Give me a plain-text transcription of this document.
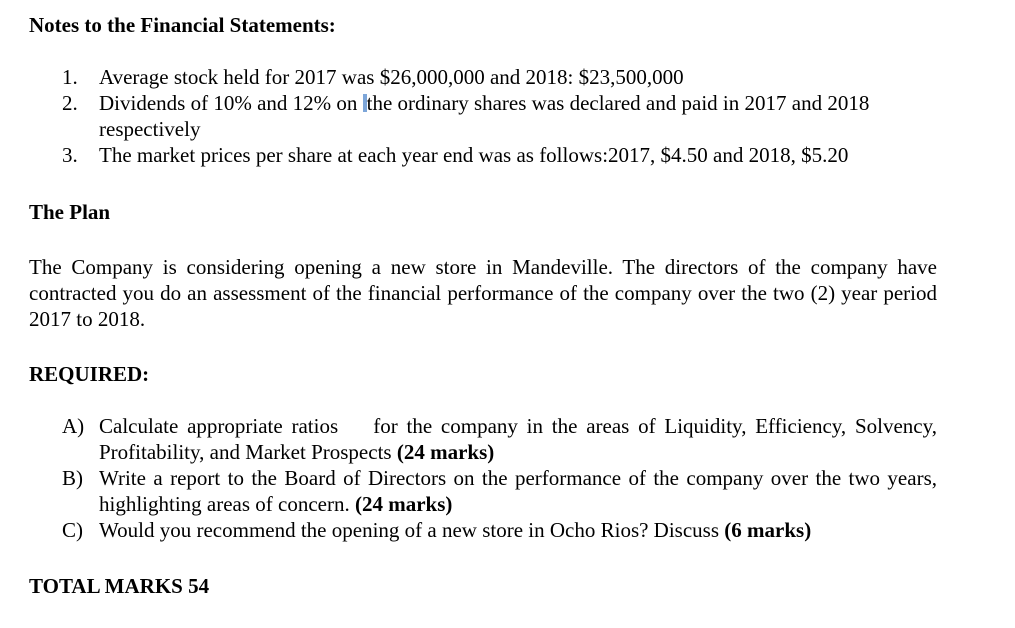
Notes to the Financial Statements:
1. Average stock held for 2017 was $26,000,000 and 2018: $23,500,000
2. Dividends of 10% and 12% on the ordinary shares was declared and paid in 2017 and 2018 respectively
3. The market prices per share at each year end was as follows:2017, $4.50 and 2018, $5.20
The Plan

The Company is considering opening a new store in Mandeville. The directors of the company have contracted you do an assessment of the financial performance of the company over the two (2) year period 2017 to 2018.

REQUIRED:
A) Calculate appropriate ratios    for the company in the areas of Liquidity, Efficiency, Solvency, Profitability, and Market Prospects (24 marks)
B) Write a report to the Board of Directors on the performance of the company over the two years, highlighting areas of concern. (24 marks)
C) Would you recommend the opening of a new store in Ocho Rios? Discuss (6 marks)
TOTAL MARKS 54
